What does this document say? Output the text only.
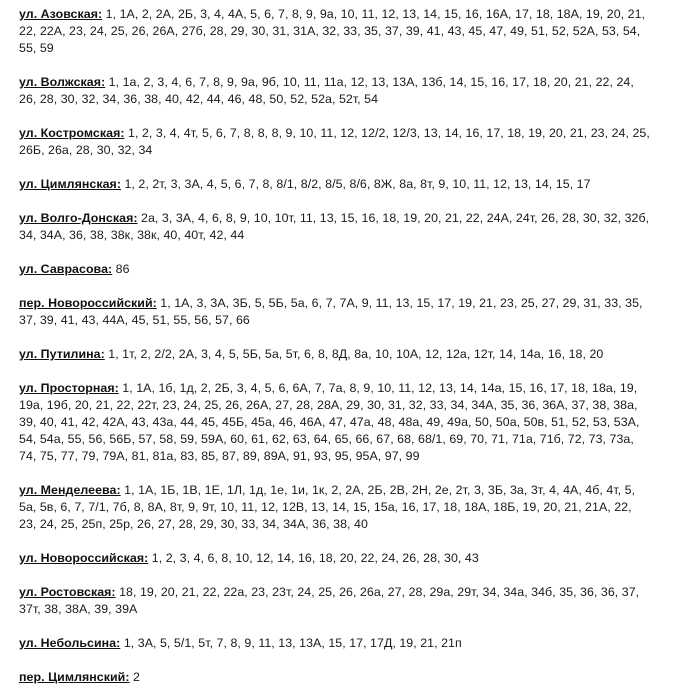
ул. Азовская: 1, 1А, 2, 2А, 2Б, 3, 4, 4А, 5, 6, 7, 8, 9, 9а, 10, 11, 12, 13, 14, 15, 16, 16А, 17, 18, 18А, 19, 20, 21, 22, 22А, 23, 24, 25, 26, 26А, 27б, 28, 29, 30, 31, 31А, 32, 33, 35, 37, 39, 41, 43, 45, 47, 49, 51, 52, 52А, 53, 54, 55, 59

ул. Волжская: 1, 1а, 2, 3, 4, 6, 7, 8, 9, 9а, 9б, 10, 11, 11а, 12, 13, 13А, 13б, 14, 15, 16, 17, 18, 20, 21, 22, 24, 26, 28, 30, 32, 34, 36, 38, 40, 42, 44, 46, 48, 50, 52, 52а, 52т, 54

ул. Костромская: 1, 2, 3, 4, 4т, 5, 6, 7, 8, 8, 8, 9, 10, 11, 12, 12/2, 12/3, 13, 14, 16, 17, 18, 19, 20, 21, 23, 24, 25, 26Б, 26а, 28, 30, 32, 34

ул. Цимлянская: 1, 2, 2т, 3, 3А, 4, 5, 6, 7, 8, 8/1, 8/2, 8/5, 8/6, 8Ж, 8а, 8т, 9, 10, 11, 12, 13, 14, 15, 17

ул. Волго-Донская: 2а, 3, 3А, 4, 6, 8, 9, 10, 10т, 11, 13, 15, 16, 18, 19, 20, 21, 22, 24А, 24т, 26, 28, 30, 32, 32б, 34, 34А, 36, 38, 38к, 38к, 40, 40т, 42, 44

ул. Саврасова: 86

пер. Новороссийский: 1, 1А, 3, 3А, 3Б, 5, 5Б, 5а, 6, 7, 7А, 9, 11, 13, 15, 17, 19, 21, 23, 25, 27, 29, 31, 33, 35, 37, 39, 41, 43, 44А, 45, 51, 55, 56, 57, 66

ул. Путилина: 1, 1т, 2, 2/2, 2А, 3, 4, 5, 5Б, 5а, 5т, 6, 8, 8Д, 8а, 10, 10А, 12, 12а, 12т, 14, 14а, 16, 18, 20

ул. Просторная: 1, 1А, 1б, 1д, 2, 2Б, 3, 4, 5, 6, 6А, 7, 7а, 8, 9, 10, 11, 12, 13, 14, 14а, 15, 16, 17, 18, 18а, 19, 19а, 19б, 20, 21, 22, 22т, 23, 24, 25, 26, 26А, 27, 28, 28А, 29, 30, 31, 32, 33, 34, 34А, 35, 36, 36А, 37, 38, 38а, 39, 40, 41, 42, 42А, 43, 43а, 44, 45, 45Б, 45а, 46, 46А, 47, 47а, 48, 48а, 49, 49а, 50, 50а, 50в, 51, 52, 53, 53А, 54, 54а, 55, 56, 56Б, 57, 58, 59, 59А, 60, 61, 62, 63, 64, 65, 66, 67, 68, 68/1, 69, 70, 71, 71а, 71б, 72, 73, 73а, 74, 75, 77, 79, 79А, 81, 81а, 83, 85, 87, 89, 89А, 91, 93, 95, 95А, 97, 99

ул. Менделеева: 1, 1А, 1Б, 1В, 1Е, 1Л, 1д, 1е, 1и, 1к, 2, 2А, 2Б, 2В, 2Н, 2е, 2т, 3, 3Б, 3а, 3т, 4, 4А, 4б, 4т, 5, 5а, 5в, 6, 7, 7/1, 7б, 8, 8А, 8т, 9, 9т, 10, 11, 12, 12В, 13, 14, 15, 15а, 16, 17, 18, 18А, 18Б, 19, 20, 21, 21А, 22, 23, 24, 25, 25п, 25р, 26, 27, 28, 29, 30, 33, 34, 34А, 36, 38, 40

ул. Новороссийская: 1, 2, 3, 4, 6, 8, 10, 12, 14, 16, 18, 20, 22, 24, 26, 28, 30, 43

ул. Ростовская: 18, 19, 20, 21, 22, 22а, 23, 23т, 24, 25, 26, 26а, 27, 28, 29а, 29т, 34, 34а, 34б, 35, 36, 36, 37, 37т, 38, 38А, 39, 39А

ул. Небольсина: 1, 3А, 5, 5/1, 5т, 7, 8, 9, 11, 13, 13А, 15, 17, 17Д, 19, 21, 21п

пер. Цимлянский: 2
